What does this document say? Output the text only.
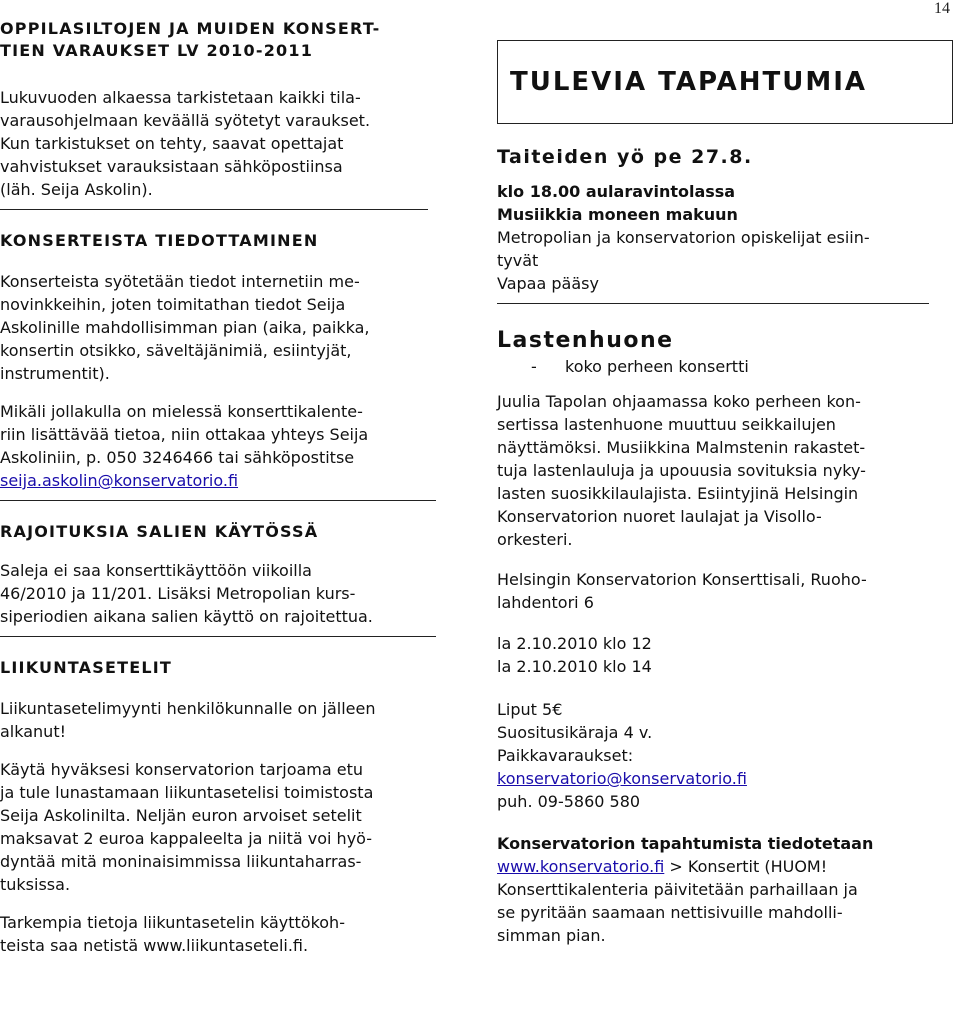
14

OPPILASILTOJEN JA MUIDEN KONSERT-

TIEN VARAUKSET LV 2010-2011

Lukuvuoden alkaessa tarkistetaan kaikki tila-

varausohjelmaan keväällä syötetyt varaukset.

Kun tarkistukset on tehty, saavat opettajat

vahvistukset varauksistaan sähköpostiinsa

(läh. Seija Askolin).

KONSERTEISTA TIEDOTTAMINEN

Konserteista syötetään tiedot internetiin me-

novinkkeihin, joten toimitathan tiedot Seija

Askolinille mahdollisimman pian (aika, paikka,

konsertin otsikko, säveltäjänimiä, esiintyjät,

instrumentit).

Mikäli jollakulla on mielessä konserttikalente-

riin lisättävää tietoa, niin ottakaa yhteys Seija

Askoliniin, p. 050 3246466 tai sähköpostitse

seija.askolin@konservatorio.fi

RAJOITUKSIA SALIEN KÄYTÖSSÄ

Saleja ei saa konserttikäyttöön viikoilla

46/2010 ja 11/201. Lisäksi Metropolian kurs-

siperiodien aikana salien käyttö on rajoitettua.

LIIKUNTASETELIT

Liikuntasetelimyynti henkilökunnalle on jälleen

alkanut!

Käytä hyväksesi konservatorion tarjoama etu

ja tule lunastamaan liikuntasetelisi toimistosta

Seija Askolinilta. Neljän euron arvoiset setelit

maksavat 2 euroa kappaleelta ja niitä voi hyö-

dyntää mitä moninaisimmissa liikuntaharras-

tuksissa.

Tarkempia tietoja liikuntasetelin käyttökoh-

teista saa netistä www.liikuntaseteli.fi.

TULEVIA TAPAHTUMIA
Taiteiden yö pe 27.8.

klo 18.00 aularavintolassa

Musiikkia moneen makuun

Metropolian ja konservatorion opiskelijat esiin-

tyvät

Vapaa pääsy

Lastenhuone
-	koko perheen konsertti

Juulia Tapolan ohjaamassa koko perheen kon-

sertissa lastenhuone muuttuu seikkailujen

näyttämöksi. Musiikkina Malmstenin rakastet-

tuja lastenlauluja ja upouusia sovituksia nyky-

lasten suosikkilaulajista. Esiintyjinä Helsingin

Konservatorion nuoret laulajat ja Visollo-

orkesteri.

Helsingin Konservatorion Konserttisali, Ruoho-

lahdentori 6

la 2.10.2010 klo 12

la 2.10.2010 klo 14

Liput 5€

Suositusikäraja 4 v.

Paikkavaraukset:

konservatorio@konservatorio.fi

puh. 09-5860 580

Konservatorion tapahtumista tiedotetaan

www.konservatorio.fi > Konsertit (HUOM!

Konserttikalenteria päivitetään parhaillaan ja

se pyritään saamaan nettisivuille mahdolli-

simman pian.
